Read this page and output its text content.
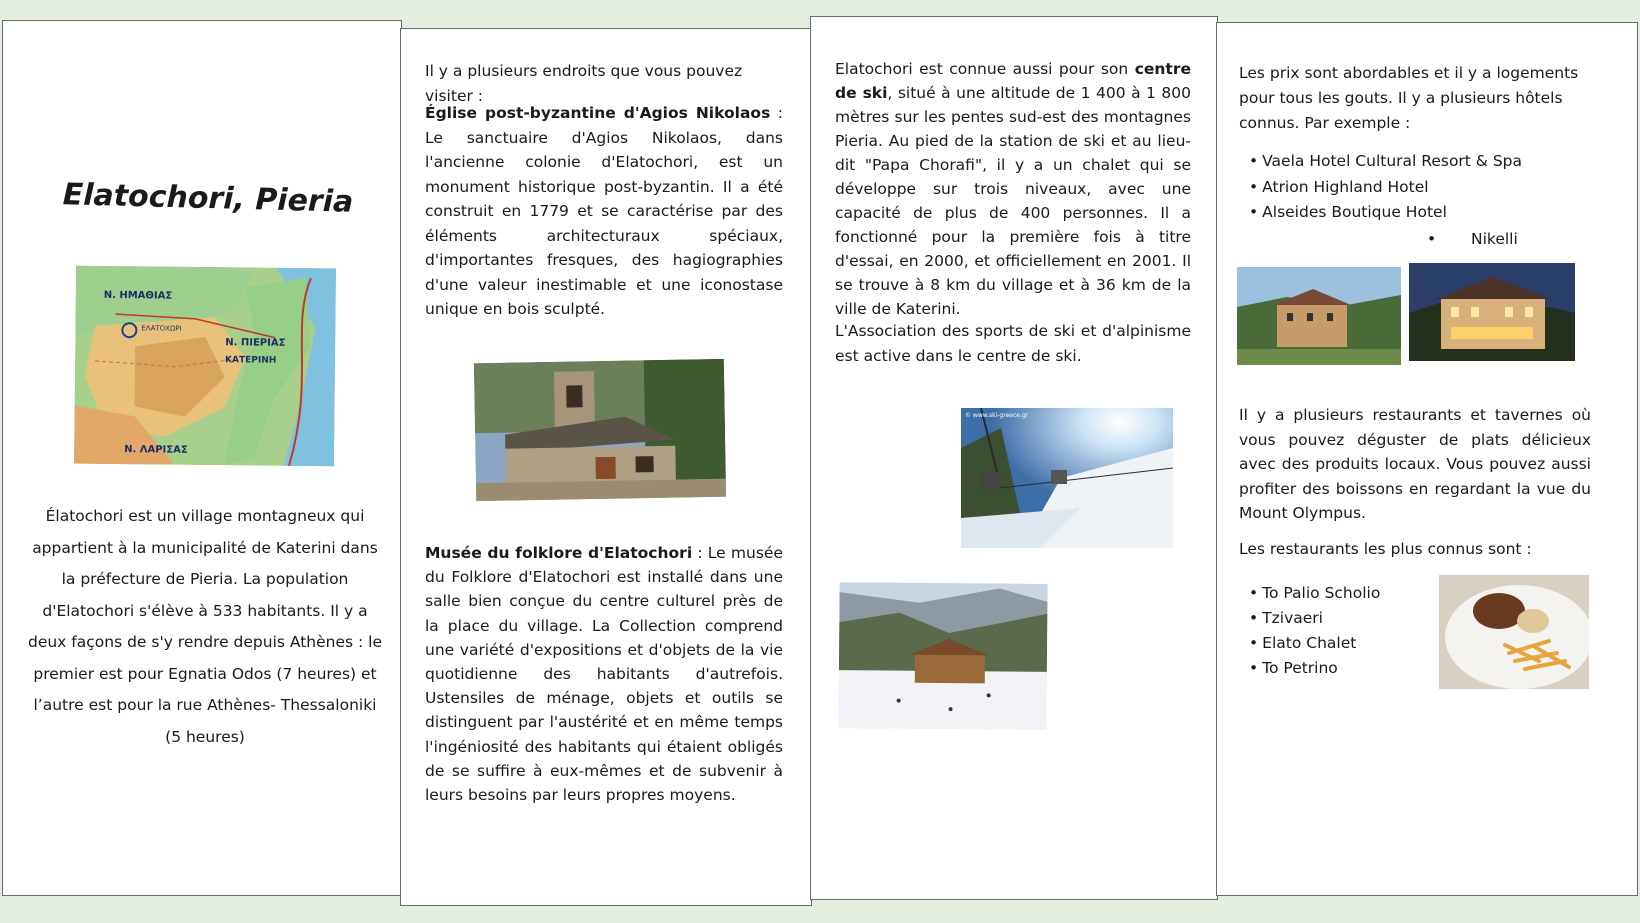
Elatochori, Pieria
N. ΗΜΑΘΙΑΣ
ΕΛΑΤΟΧΩΡΙ
N. ΠΙΕΡΙΑΣ
ΚΑΤΕΡΙΝΗ
N. ΛΑΡΙΣΑΣ
Élatochori est un village montagneux qui appartient à la municipalité de Katerini dans la préfecture de Pieria. La population d'Elatochori s'élève à 533 habitants. Il y a deux façons de s'y rendre depuis Athènes : le premier est pour Egnatia Odos (7 heures) et l’autre est pour la rue Athènes- Thessaloniki (5 heures)
Il y a plusieurs endroits que vous pouvez visiter :
Église post-byzantine d'Agios Nikolaos : Le sanctuaire d'Agios Nikolaos, dans l'ancienne colonie d'Elatochori, est un monument historique post-byzantin. Il a été construit en 1779 et se caractérise par des éléments architecturaux spéciaux, d'importantes fresques, des hagiographies d'une valeur inestimable et une iconostase unique en bois sculpté.
Musée du folklore d'Elatochori : Le musée du Folklore d'Elatochori est installé dans une salle bien conçue du centre culturel près de la place du village. La Collection comprend une variété d'expositions et d'objets de la vie quotidienne des habitants d'autrefois. Ustensiles de ménage, objets et outils se distinguent par l'austérité et en même temps l'ingéniosité des habitants qui étaient obligés de se suffire à eux-mêmes et de subvenir à leurs besoins par leurs propres moyens.
Elatochori est connue aussi pour son centre de ski, situé à une altitude de 1 400 à 1 800 mètres sur les pentes sud-est des montagnes Pieria. Au pied de la station de ski et au lieu-dit "Papa Chorafi", il y a un chalet qui se développe sur trois niveaux, avec une capacité de plus de 400 personnes. Il a fonctionné pour la première fois à titre d'essai, en 2000, et officiellement en 2001. Il se trouve à 8 km du village et à 36 km de la ville de Katerini.
L'Association des sports de ski et d'alpinisme est active dans le centre de ski.
© www.ski-greece.gr
Les prix sont abordables et il y a logements pour tous les gouts. Il y a plusieurs hôtels connus. Par exemple :
• Vaela Hotel Cultural Resort & Spa
• Atrion Highland Hotel
• Alseides Boutique Hotel
• Nikelli
Il y a plusieurs restaurants et tavernes où vous pouvez déguster de plats délicieux avec des produits locaux. Vous pouvez aussi profiter des boissons en regardant la vue du Mount Olympus.
Les restaurants les plus connus sont :
• To Palio Scholio
• Tzivaeri
• Elato Chalet
• To Petrino
